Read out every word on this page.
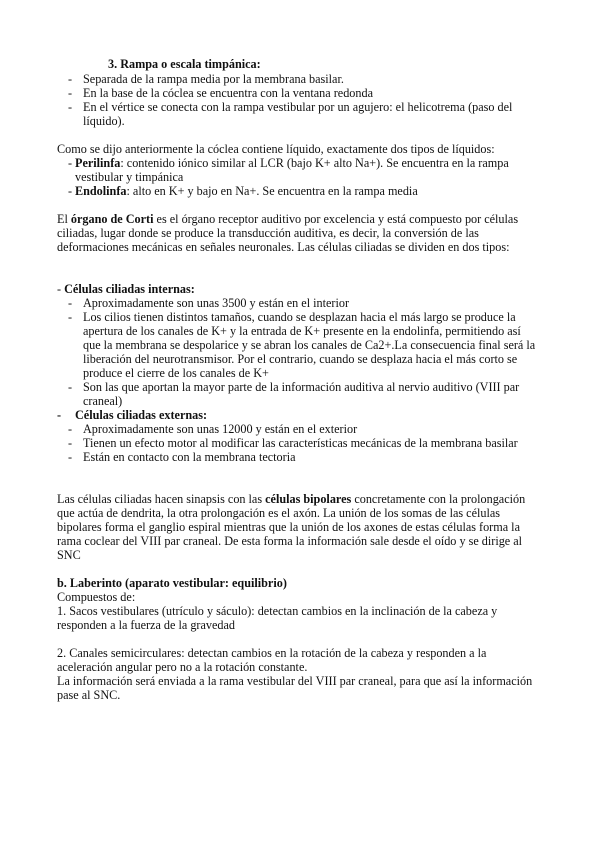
3. Rampa o escala timpánica:

- Separada de la rampa media por la membrana basilar.
- En la base de la cóclea se encuentra con la ventana redonda
- En el vértice se conecta con la rampa vestibular por un agujero: el helicotrema (paso del líquido).

Como se dijo anteriormente la cóclea contiene líquido, exactamente dos tipos de líquidos:

- Perilinfa: contenido iónico similar al LCR (bajo K+ alto Na+). Se encuentra en la rampa vestibular y timpánica
- Endolinfa: alto en K+ y bajo en Na+. Se encuentra en la rampa media

El órgano de Corti es el órgano receptor auditivo por excelencia y está compuesto por células ciliadas, lugar donde se produce la transducción auditiva, es decir, la conversión de las deformaciones mecánicas en señales neuronales. Las células ciliadas se dividen en dos tipos:

- Células ciliadas internas:

- Aproximadamente son unas 3500 y están en el interior
- Los cilios tienen distintos tamaños, cuando se desplazan hacia el más largo se produce la apertura de los canales de K+ y la entrada de K+ presente en la endolinfa, permitiendo así que la membrana se despolarice y se abran los canales de Ca2+.La consecuencia final será la liberación del neurotransmisor. Por el contrario, cuando se desplaza hacia el más corto se produce el cierre de los canales de K+
- Son las que aportan la mayor parte de la información auditiva al nervio auditivo (VIII par craneal)

- Células ciliadas externas:

- Aproximadamente son unas 12000 y están en el exterior
- Tienen un efecto motor al modificar las características mecánicas de la membrana basilar
- Están en contacto con la membrana tectoria

Las células ciliadas hacen sinapsis con las células bipolares concretamente con la prolongación que actúa de dendrita, la otra prolongación es el axón. La unión de los somas de las células bipolares forma el ganglio espiral mientras que la unión de los axones de estas células forma la rama coclear del VIII par craneal. De esta forma la información sale desde el oído y se dirige al SNC

b. Laberinto (aparato vestibular: equilibrio)

Compuestos de:

1. Sacos vestibulares (utrículo y sáculo): detectan cambios en la inclinación de la cabeza y responden a la fuerza de la gravedad

2. Canales semicirculares: detectan cambios en la rotación de la cabeza y responden a la aceleración angular pero no a la rotación constante.

La información será enviada a la rama vestibular del VIII par craneal, para que así la información pase al SNC.
